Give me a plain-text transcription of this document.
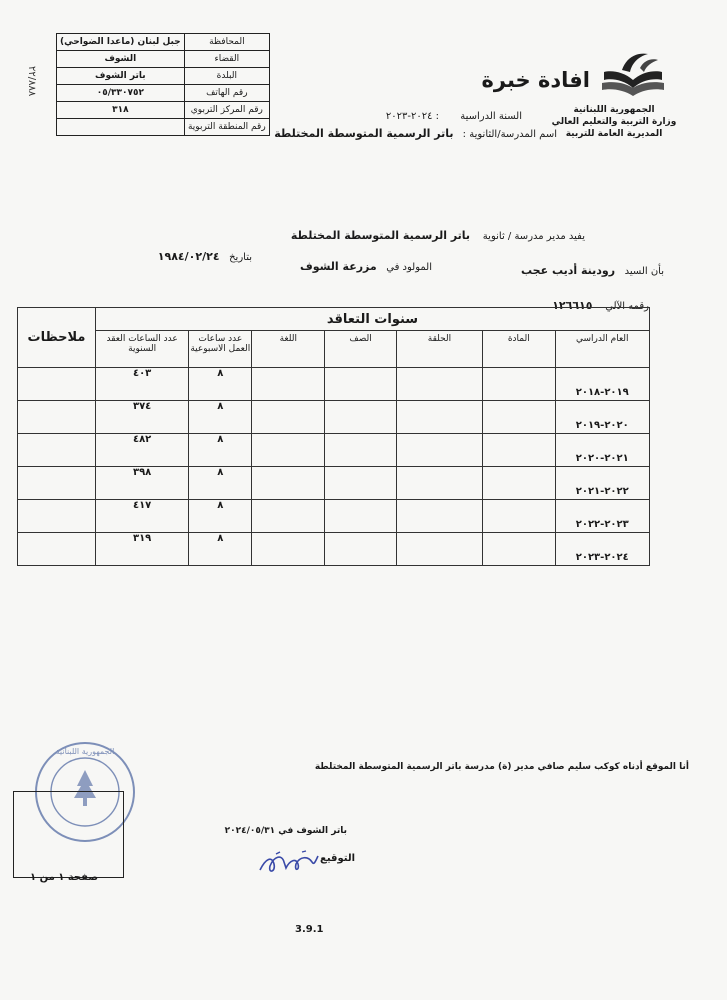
المحافظة	جبل لبنان (ماعدا الضواحي)
القضاء	الشوف
البلدة	باتر الشوف
رقم الهاتف	٠٥/٣٣٠٧٥٢
رقم المركز التربوي	٣١٨
رقم المنطقة التربوية	
٢٢/٨٨٨
الجمهورية اللبنانية
وزارة التربية والتعليم العالي
المديرية العامة للتربية
افادة خبرة
السنة الدراسية : ٢٠٢٤-٢٠٢٣
اسم المدرسة/الثانوية : باتر الرسمية المتوسطة المختلطة
يفيد مدير مدرسة / ثانوية    باتر الرسمية المتوسطة المختلطة
بأن السيد   رودينة أديب عجب
المولود في   مزرعة الشوف
بتاريخ   ١٩٨٤/٠٢/٢٤
رقمه الآلي    ١٢٦٦١٥
سنوات التعاقد							ملاحظات
العام الدراسي	المادة	الحلقة	الصف	اللغة	عدد ساعات العمل الاسبوعية	عدد الساعات العقد السنوية	
٢٠١٩-٢٠١٨					٨	٤٠٣	
٢٠٢٠-٢٠١٩					٨	٣٧٤	
٢٠٢١-٢٠٢٠					٨	٤٨٢	
٢٠٢٢-٢٠٢١					٨	٣٩٨	
٢٠٢٣-٢٠٢٢					٨	٤١٧	
٢٠٢٤-٢٠٢٣					٨	٣١٩	
أنا الموقع أدناه كوكب سليم صافي مدير (ة) مدرسة باتر الرسمية المتوسطة المختلطة
باتر الشوف في ٢٠٢٤/٠٥/٣١
التوقيع
الجمهورية اللبنانية
صفحة ١ من ١
3.9.1
